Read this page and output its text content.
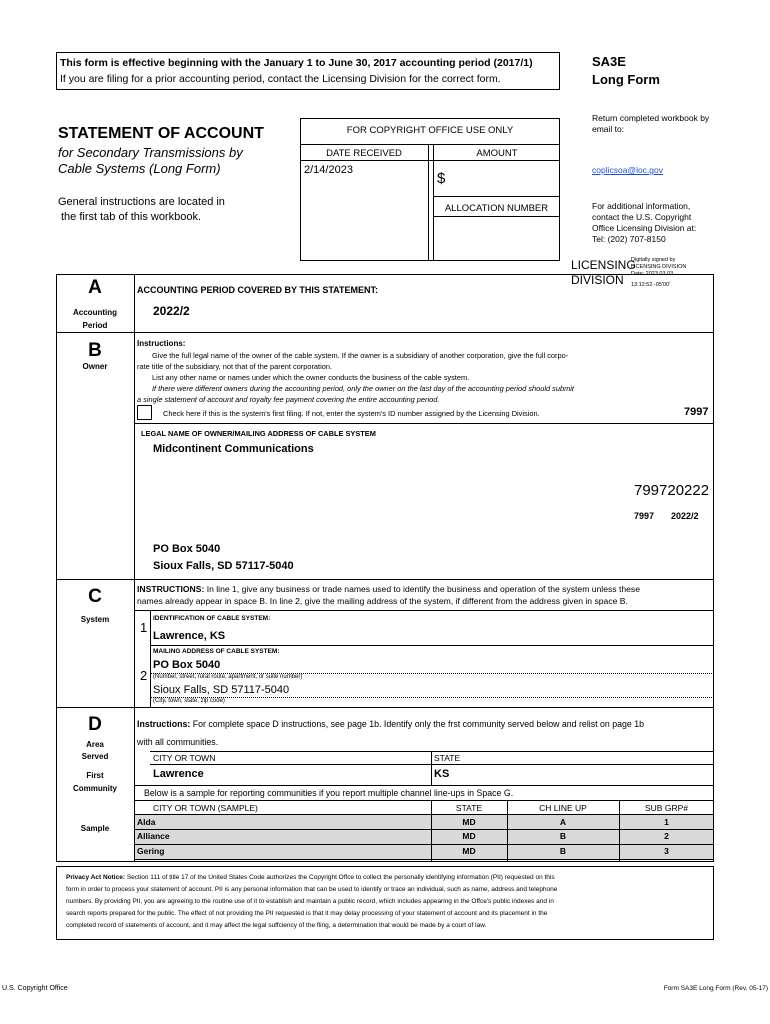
This form is effective beginning with the January 1 to June 30, 2017 accounting period (2017/1)
If you are filing for a prior accounting period, contact the Licensing Division for the correct form.
SA3E
Long Form
STATEMENT OF ACCOUNT
for Secondary Transmissions by
Cable Systems (Long Form)
General instructions are located in
the first tab of this workbook.
FOR COPYRIGHT OFFICE USE ONLY
DATE RECEIVED	AMOUNT
2/14/2023	$
ALLOCATION NUMBER
Return completed workbook by
email to:
coplicsoa@loc.gov
For additional information,
contact the U.S. Copyright
Office Licensing Division at:
Tel: (202) 707-8150
LICENSING
DIVISION
Digitally signed by
LICENSING DIVISION
Date: 2023.03.03
13:12:52 -05'00'
A
Accounting
Period
ACCOUNTING PERIOD COVERED BY THIS STATEMENT:
2022/2
B
Owner
Instructions:
Give the full legal name of the owner of the cable system. If the owner is a subsidiary of another corporation, give the full corpo-
rate title of the subsidiary, not that of the parent corporation.
List any other name or names under which the owner conducts the business of the cable system.
If there were different owners during the accounting period, only the owner on the last day of the accounting period should submit
a single statement of account and royalty fee payment covering the entire accounting period.
Check here if this is the system's first filing. If not, enter the system's ID number assigned by the Licensing Division.	7997
LEGAL NAME OF OWNER/MAILING ADDRESS OF CABLE SYSTEM
Midcontinent Communications
799720222
7997 2022/2
PO Box 5040
Sioux Falls, SD 57117-5040
C
System
INSTRUCTIONS: In line 1, give any business or trade names used to identify the business and operation of the system unless these
names already appear in space B. In line 2, give the mailing address of the system, if different from the address given in space B.
1
IDENTIFICATION OF CABLE SYSTEM:
Lawrence, KS
MAILING ADDRESS OF CABLE SYSTEM:
2
PO Box 5040
(Number, street, rural route, apartment, or suite number)
Sioux Falls, SD 57117-5040
(City, town, state, zip code)
D
Area
Served
First
Community
Sample
Instructions: For complete space D instructions, see page 1b. Identify only the frst community served below and relist on page 1b
with all communities.
CITY OR TOWN	STATE
Lawrence	KS
Below is a sample for reporting communities if you report multiple channel line-ups in Space G.
CITY OR TOWN (SAMPLE)	STATE	CH LINE UP	SUB GRP#
Alda	MD	A	1
Alliance	MD	B	2
Gering	MD	B	3
Privacy Act Notice: Section 111 of title 17 of the United States Code authorizes the Copyright Offce to collect the personally identifying information (PII) requested on this
form in order to process your statement of account. PII is any personal information that can be used to identify or trace an individual, such as name, address and telephone
numbers. By providing PII, you are agreeing to the routine use of it to establish and maintain a public record, which includes appearing in the Offce's public indexes and in
search reports prepared for the public. The effect of not providing the PII requested is that it may delay processing of your statement of account and its placement in the
completed record of statements of account, and it may affect the legal suffciency of the fling, a determination that would be made by a court of law.
U.S. Copyright Office	Form SA3E Long Form (Rev. 05-17)
